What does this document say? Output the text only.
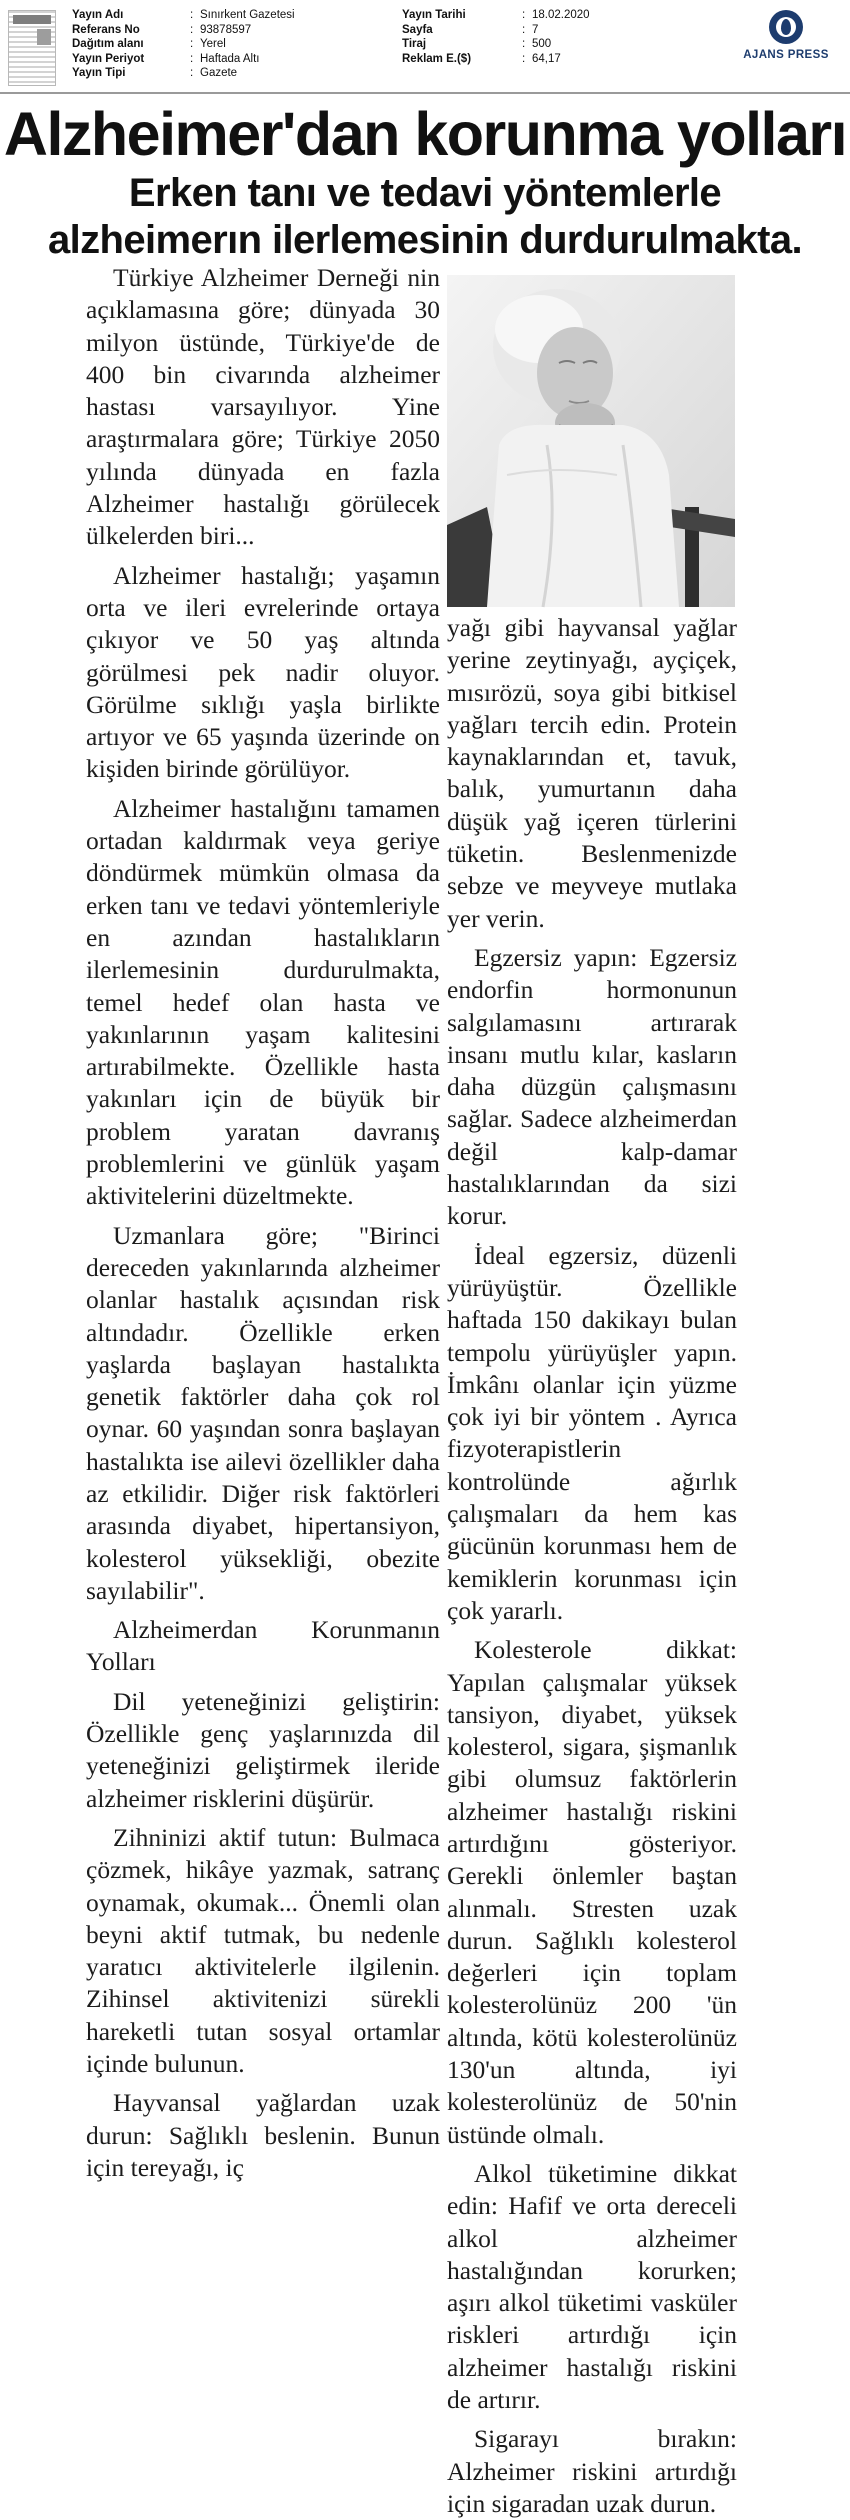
Yayın Adı	: Sınırkent Gazetesi
Referans No	: 93878597
Dağıtım alanı	: Yerel
Yayın Periyot	: Haftada Altı
Yayın Tipi	: Gazete
Yayın Tarihi	: 18.02.2020
Sayfa	: 7
Tiraj	: 500
Reklam E.($)	: 64,17	AJANS PRESS
Alzheimer'dan korunma yolları
Erken tanı ve tedavi yöntemlerle alzheimerın ilerlemesinin durdurulmakta.

Türkiye Alzheimer Derneği nin açıklamasına göre; dünyada 30 milyon üstünde, Türkiye'de de 400 bin civarında alzheimer hastası varsayılıyor. Yine araştırmalara göre; Türkiye 2050 yılında dünyada en fazla Alzheimer hastalığı görülecek ülkelerden biri...

Alzheimer hastalığı; yaşamın orta ve ileri evrelerinde ortaya çıkıyor ve 50 yaş altında görülmesi pek nadir oluyor. Görülme sıklığı yaşla birlikte artıyor ve 65 yaşında üzerinde on kişiden birinde görülüyor.

Alzheimer hastalığını tamamen ortadan kaldırmak veya geriye döndürmek mümkün olmasa da erken tanı ve tedavi yöntemleriyle en azından hastalıkların ilerlemesinin durdurulmakta, temel hedef olan hasta ve yakınlarının yaşam kalitesini artırabilmekte. Özellikle hasta yakınları için de büyük bir problem yaratan davranış problemlerini ve günlük yaşam aktivitelerini düzeltmekte.

Uzmanlara göre; "Birinci dereceden yakınlarında alzheimer olanlar hastalık açısından risk altındadır. Özellikle erken yaşlarda başlayan hastalıkta genetik faktörler daha çok rol oynar. 60 yaşından sonra başlayan hastalıkta ise ailevi özellikler daha az etkilidir. Diğer risk faktörleri arasında diyabet, hipertansiyon, kolesterol yüksekliği, obezite sayılabilir".

Alzheimerdan Korunmanın Yolları

Dil yeteneğinizi geliştirin: Özellikle genç yaşlarınızda dil yeteneğinizi geliştirmek ileride alzheimer risklerini düşürür.

Zihninizi aktif tutun: Bulmaca çözmek, hikâye yazmak, satranç oynamak, okumak... Önemli olan beyni aktif tutmak, bu nedenle yaratıcı aktivitelerle ilgilenin. Zihinsel aktivitenizi sürekli hareketli tutan sosyal ortamlar içinde bulunun.

Hayvansal yağlardan uzak durun: Sağlıklı beslenin. Bunun için tereyağı, iç

yağı gibi hayvansal yağlar yerine zeytinyağı, ayçiçek, mısırözü, soya gibi bitkisel yağları tercih edin. Protein kaynaklarından et, tavuk, balık, yumurtanın daha düşük yağ içeren türlerini tüketin. Beslenmenizde sebze ve meyveye mutlaka yer verin.

Egzersiz yapın: Egzersiz endorfin hormonunun salgılamasını artırarak insanı mutlu kılar, kasların daha düzgün çalışmasını sağlar. Sadece alzheimerdan değil kalp-damar hastalıklarından da sizi korur.

İdeal egzersiz, düzenli yürüyüştür. Özellikle haftada 150 dakikayı bulan tempolu yürüyüşler yapın. İmkânı olanlar için yüzme çok iyi bir yöntem . Ayrıca fizyoterapistlerin kontrolünde ağırlık çalışmaları da hem kas gücünün korunması hem de kemiklerin korunması için çok yararlı.

Kolesterole dikkat: Yapılan çalışmalar yüksek tansiyon, diyabet, yüksek kolesterol, sigara, şişmanlık gibi olumsuz faktörlerin alzheimer hastalığı riskini artırdığını gösteriyor. Gerekli önlemler baştan alınmalı. Stresten uzak durun. Sağlıklı kolesterol değerleri için toplam kolesterolünüz 200 'ün altında, kötü kolesterolünüz 130'un altında, iyi kolesterolünüz de 50'nin üstünde olmalı.

Alkol tüketimine dikkat edin: Hafif ve orta dereceli alkol alzheimer hastalığından korurken; aşırı alkol tüketimi vasküler riskleri artırdığı için alzheimer hastalığı riskini de artırır.

Sigarayı bırakın: Alzheimer riskini artırdığı için sigaradan uzak durun.
